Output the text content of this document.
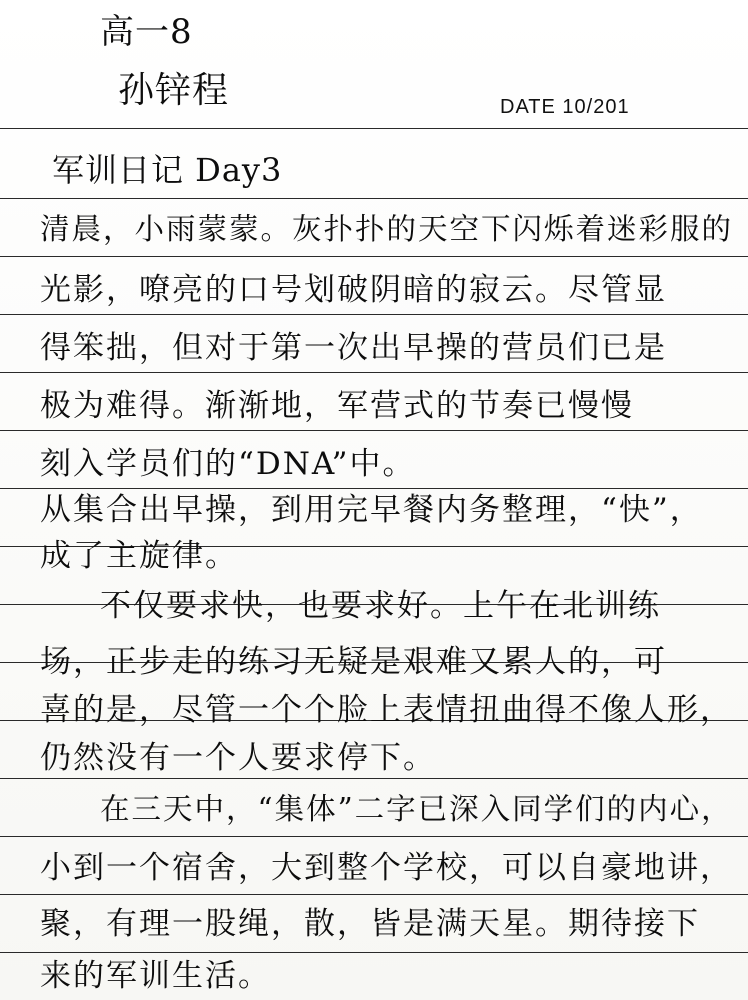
高一8
孙锌程	DATE 10/201
军训日记 Day3
清晨，小雨蒙蒙。灰扑扑的天空下闪烁着迷彩服的
光影，嘹亮的口号划破阴暗的寂云。尽管显
得笨拙，但对于第一次出早操的营员们已是
极为难得。渐渐地，军营式的节奏已慢慢
刻入学员们的“DNA”中。
从集合出早操，到用完早餐内务整理，“快”，
成了主旋律。
不仅要求快，也要求好。上午在北训练
场，正步走的练习无疑是艰难又累人的，可
喜的是，尽管一个个脸上表情扭曲得不像人形，
仍然没有一个人要求停下。
在三天中，“集体”二字已深入同学们的内心，
小到一个宿舍，大到整个学校，可以自豪地讲，
聚，有理一股绳，散，皆是满天星。期待接下
来的军训生活。
